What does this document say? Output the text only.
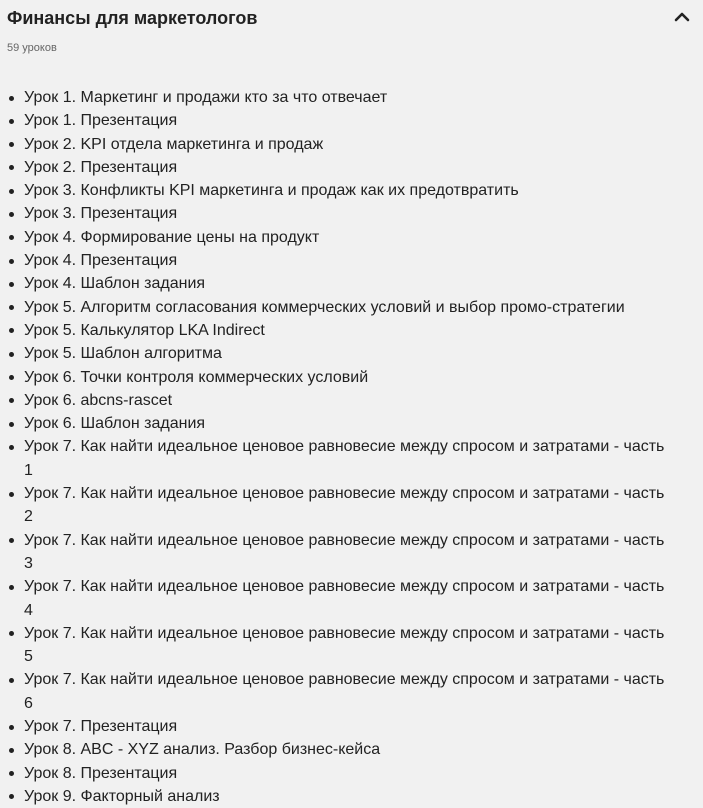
Финансы для маркетологов
59 уроков
Урок 1. Маркетинг и продажи кто за что отвечает
Урок 1. Презентация
Урок 2. KPI отдела маркетинга и продаж
Урок 2. Презентация
Урок 3. Конфликты KPI маркетинга и продаж как их предотвратить
Урок 3. Презентация
Урок 4. Формирование цены на продукт
Урок 4. Презентация
Урок 4. Шаблон задания
Урок 5. Алгоритм согласования коммерческих условий и выбор промо-стратегии
Урок 5. Калькулятор LKA Indirect
Урок 5. Шаблон алгоритма
Урок 6. Точки контроля коммерческих условий
Урок 6. abcns-rascet
Урок 6. Шаблон задания
Урок 7. Как найти идеальное ценовое равновесие между спросом и затратами - часть 1
Урок 7. Как найти идеальное ценовое равновесие между спросом и затратами - часть 2
Урок 7. Как найти идеальное ценовое равновесие между спросом и затратами - часть 3
Урок 7. Как найти идеальное ценовое равновесие между спросом и затратами - часть 4
Урок 7. Как найти идеальное ценовое равновесие между спросом и затратами - часть 5
Урок 7. Как найти идеальное ценовое равновесие между спросом и затратами - часть 6
Урок 7. Презентация
Урок 8. ABC - XYZ анализ. Разбор бизнес-кейса
Урок 8. Презентация
Урок 9. Факторный анализ
